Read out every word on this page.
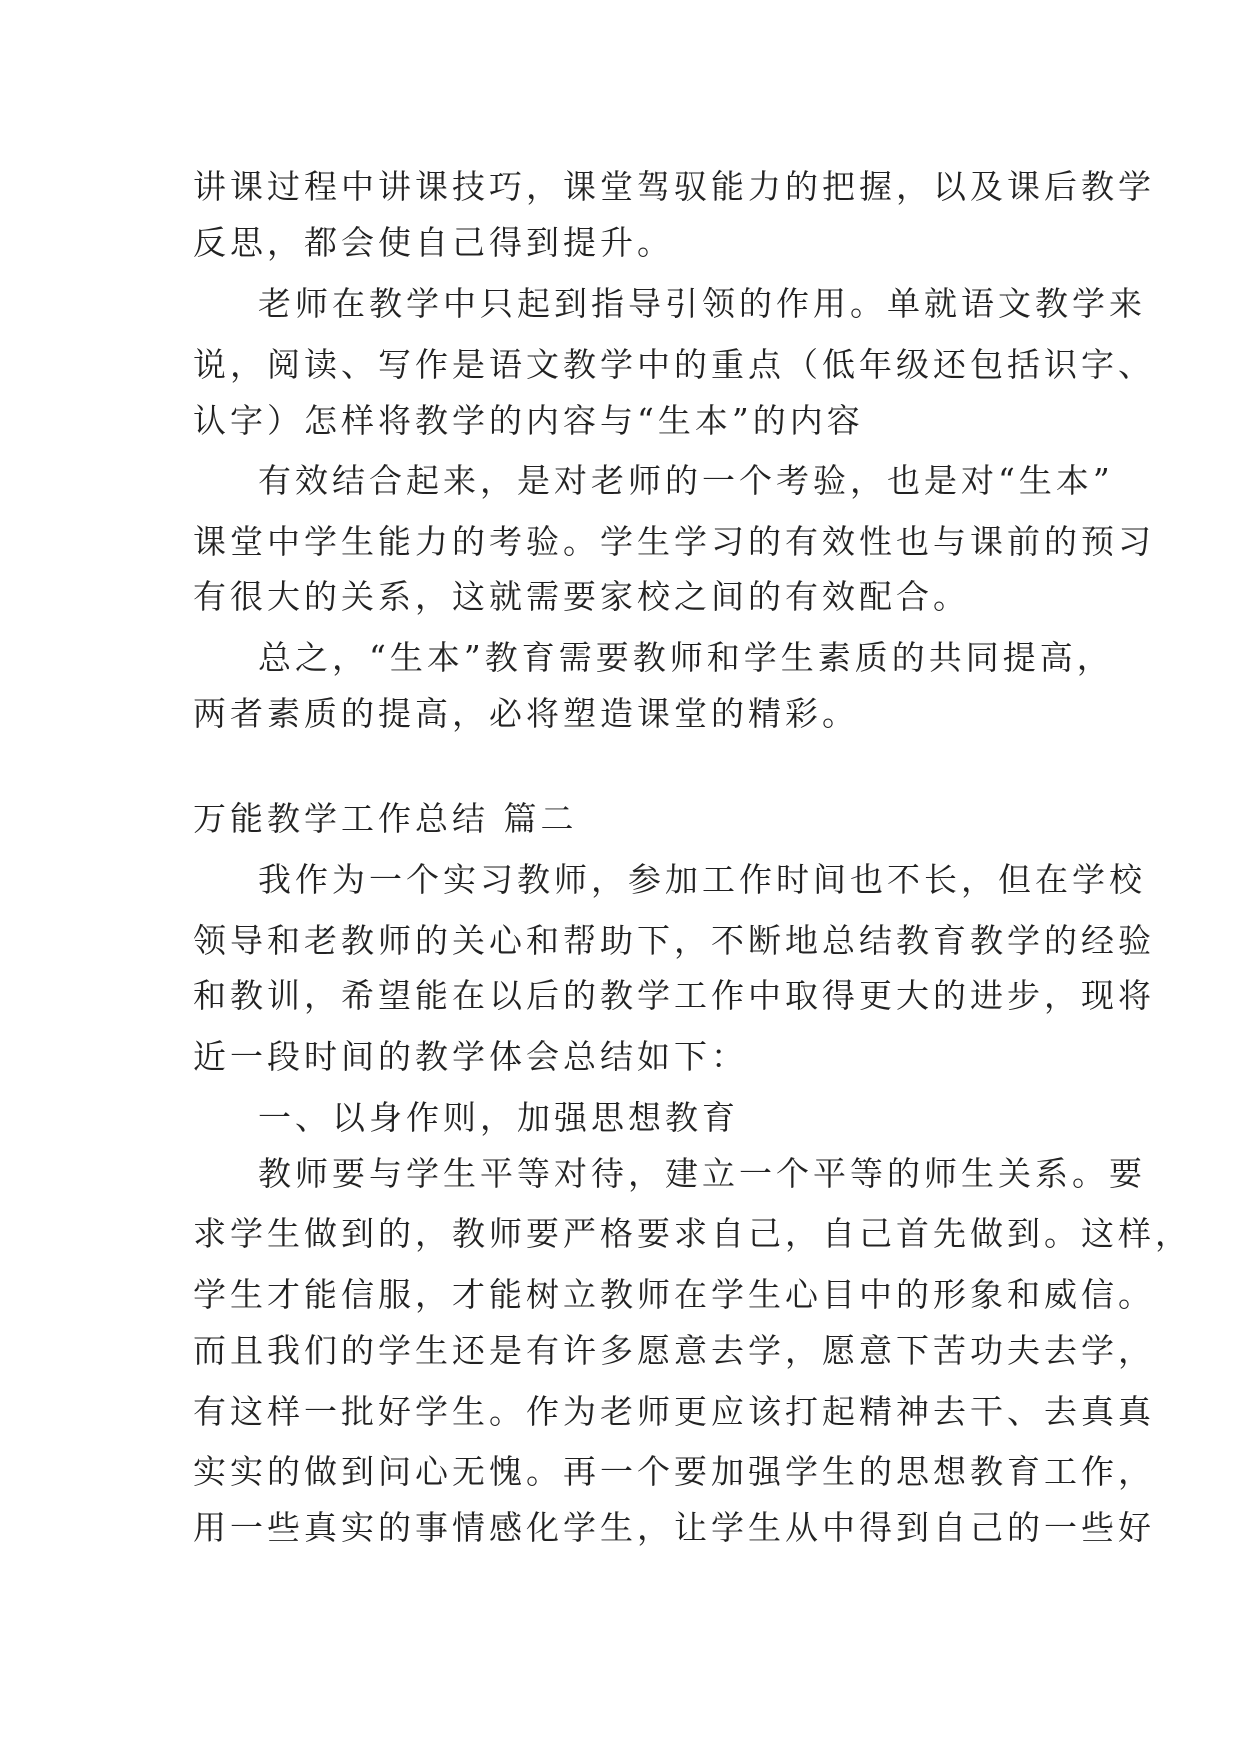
讲课过程中讲课技巧，课堂驾驭能力的把握，以及课后教学
反思，都会使自己得到提升。
老师在教学中只起到指导引领的作用。单就语文教学来
说，阅读、写作是语文教学中的重点（低年级还包括识字、
认字）怎样将教学的内容与“生本”的内容
有效结合起来，是对老师的一个考验，也是对“生本”
课堂中学生能力的考验。学生学习的有效性也与课前的预习
有很大的关系，这就需要家校之间的有效配合。
总之，“生本”教育需要教师和学生素质的共同提高，
两者素质的提高，必将塑造课堂的精彩。
万能教学工作总结 篇二
我作为一个实习教师，参加工作时间也不长，但在学校
领导和老教师的关心和帮助下，不断地总结教育教学的经验
和教训，希望能在以后的教学工作中取得更大的进步，现将
近一段时间的教学体会总结如下：
一、以身作则，加强思想教育
教师要与学生平等对待，建立一个平等的师生关系。要
求学生做到的，教师要严格要求自己，自己首先做到。这样，
学生才能信服，才能树立教师在学生心目中的形象和威信。
而且我们的学生还是有许多愿意去学，愿意下苦功夫去学，
有这样一批好学生。作为老师更应该打起精神去干、去真真
实实的做到问心无愧。再一个要加强学生的思想教育工作，
用一些真实的事情感化学生，让学生从中得到自己的一些好
